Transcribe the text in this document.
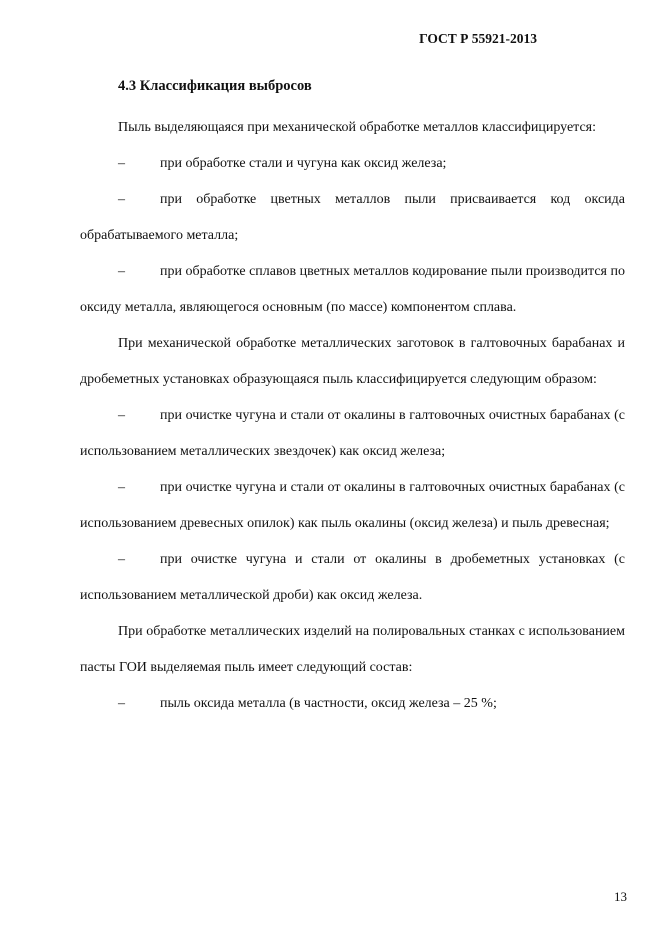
ГОСТ Р 55921-2013
4.3 Классификация выбросов

Пыль выделяющаяся при механической обработке металлов классифицируется:

–	при обработке стали и чугуна как оксид железа;

–	при обработке цветных металлов пыли присваивается код оксида обрабатываемого металла;

–	при обработке сплавов цветных металлов кодирование пыли производится по оксиду металла, являющегося основным (по массе) компонентом сплава.

При механической обработке металлических заготовок в галтовочных барабанах и дробеметных установках образующаяся пыль классифицируется следующим образом:

–	при очистке чугуна и стали от окалины в галтовочных очистных барабанах (с использованием металлических звездочек) как оксид железа;

–	при очистке чугуна и стали от окалины в галтовочных очистных барабанах (с использованием древесных опилок) как пыль окалины (оксид железа) и пыль древесная;

–	при очистке чугуна и стали от окалины в дробеметных установках (с использованием металлической дроби) как оксид железа.

При обработке металлических изделий на полировальных станках с использованием пасты ГОИ выделяемая пыль имеет следующий состав:

–	пыль оксида металла (в частности, оксид железа – 25 %;

13
